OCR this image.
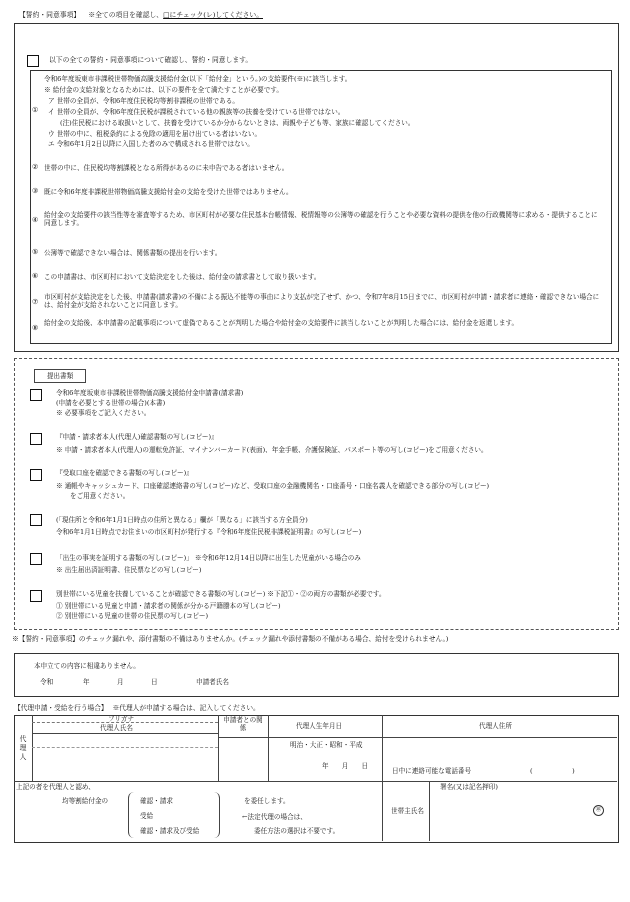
【誓約・同意事項】 ※全ての項目を確認し、□にチェック(レ)してください。
以下の全ての誓約・同意事項について確認し、誓約・同意します。
令和6年度坂東市非課税世帯物価高騰支援給付金(以下「給付金」という。)の支給要件(※)に該当します。
※ 給付金の支給対象となるためには、以下の要件を全て満たすことが必要です。
ア 世帯の全員が、令和6年度住民税均等割非課税の世帯である。
① イ 世帯の全員が、令和6年度住民税が課税されている他の親族等の扶養を受けている世帯ではない。
(注)住民税における取扱いとして、扶養を受けているか分からないときは、両親や子ども等、家族に確認してください。
ウ 世帯の中に、租税条約による免除の適用を届け出ている者はいない。
エ 令和6年1月2日以降に入国した者のみで構成される世帯ではない。
② 世帯の中に、住民税均等割課税となる所得があるのに未申告である者はいません。
③ 既に令和6年度非課税世帯物価高騰支援給付金の支給を受けた世帯ではありません。
④
給付金の支給要件の該当性等を審査等するため、市区町村が必要な住民基本台帳情報、税情報等の公簿等の確認を行うことや必要な資料の提供を他の行政機関等に求める・提供することに同意します。
⑤ 公簿等で確認できない場合は、関係書類の提出を行います。
⑥ この申請書は、市区町村において支給決定をした後は、給付金の請求書として取り扱います。
⑦
市区町村が支給決定をした後、申請書(請求書)の不備による振込不能等の事由により支払が完了せず、かつ、令和7年8月15日までに、市区町村が申請・請求者に連絡・確認できない場合には、給付金が支給されないことに同意します。
⑧
給付金の支給後、本申請書の記載事項について虚偽であることが判明した場合や給付金の支給要件に該当しないことが判明した場合には、給付金を返還します。
提出書類
令和6年度坂東市非課税世帯物価高騰支援給付金申請書(請求書)
(申請を必要とする世帯の場合)(本書)
※ 必要事項をご記入ください。
『申請・請求者本人(代理人)確認書類の写し(コピー)』
※ 申請・請求者本人(代理人)の運転免許証、マイナンバーカード(表面)、年金手帳、介護保険証、パスポート等の写し(コピー)をご用意ください。
『受取口座を確認できる書類の写し(コピー)』
※ 通帳やキャッシュカード、口座確認連絡書の写し(コピー)など、受取口座の金融機関名・口座番号・口座名義人を確認できる部分の写し(コピー)
をご用意ください。
(「現住所と令和6年1月1日時点の住所と異なる」欄が「異なる」に該当する方全員分)
令和6年1月1日時点でお住まいの市区町村が発行する『令和6年度住民税非課税証明書』の写し(コピー)
「出生の事実を証明する書類の写し(コピー)」 ※令和6年12月14日以降に出生した児童がいる場合のみ
※ 出生届出済証明書、住民票などの写し(コピー)
別世帯にいる児童を扶養していることが確認できる書類の写し(コピー) ※下記①・②の両方の書類が必要です。
① 別世帯にいる児童と申請・請求者の関係が分かる戸籍謄本の写し(コピー)
② 別世帯にいる児童の世帯の住民票の写し(コピー)
※【誓約・同意事項】のチェック漏れや、添付書類の不備はありませんか。(チェック漏れや添付書類の不備がある場合、給付を受けられません。)
本申立ての内容に相違ありません。
令和	年	月	日	申請者氏名
【代理申請・受給を行う場合】 ※代理人が申請する場合は、記入してください。
代理人
フリガナ
代理人氏名
申請者との関係	代理人生年月日
明治・大正・昭和・平成
年　　月　　日
代理人住所
日中に連絡可能な電話番号	(　　　　　　)
上記の者を代理人と認め、
均等割給付金の	確認・請求
受給
確認・請求及び受給
を委任します。
←法定代理の場合は、
委任方法の選択は不要です。
世帯主氏名
署名(又は記名押印)
㊞
